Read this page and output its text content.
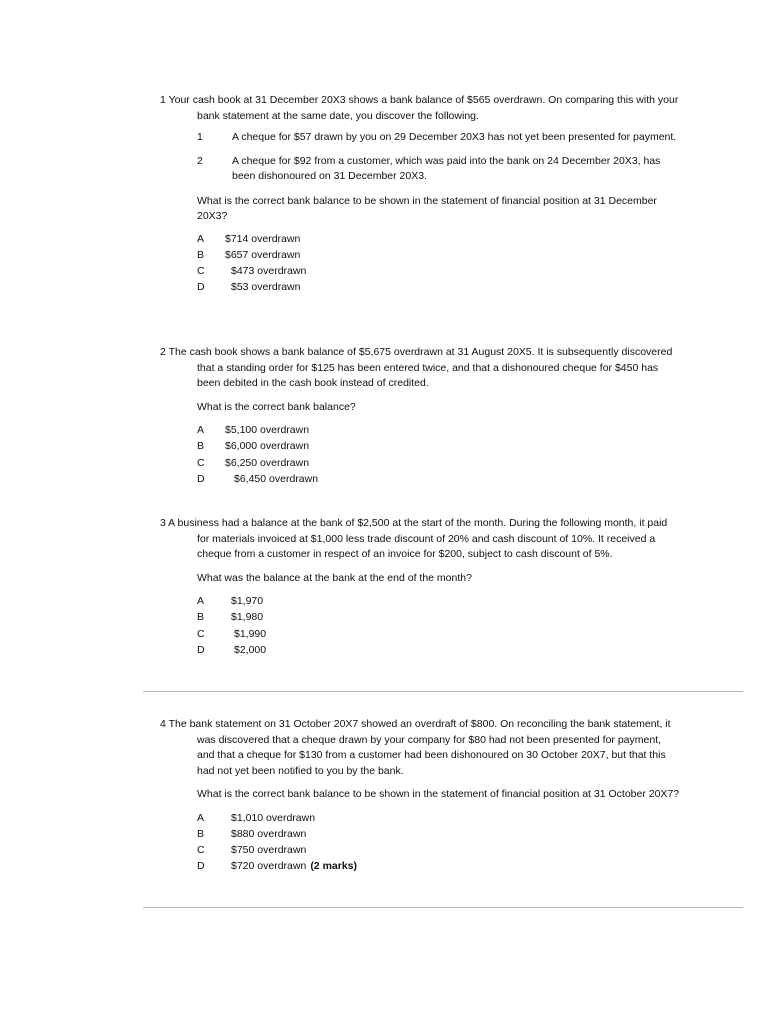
1 Your cash book at 31 December 20X3 shows a bank balance of $565 overdrawn. On comparing this with your bank statement at the same date, you discover the following.

1	A cheque for $57 drawn by you on 29 December 20X3 has not yet been presented for payment.
2	A cheque for $92 from a customer, which was paid into the bank on 24 December 20X3, has been dishonoured on 31 December 20X3.

What is the correct bank balance to be shown in the statement of financial position at 31 December 20X3?

A $714 overdrawn
B $657 overdrawn
C	$473 overdrawn
D	$53 overdrawn

2 The cash book shows a bank balance of $5,675 overdrawn at 31 August 20X5. It is subsequently discovered that a standing order for $125 has been entered twice, and that a dishonoured cheque for $450 has been debited in the cash book instead of credited.

What is the correct bank balance?

A $5,100 overdrawn
B $6,000 overdrawn
C $6,250 overdrawn
D	$6,450 overdrawn

3 A business had a balance at the bank of $2,500 at the start of the month. During the following month, it paid for materials invoiced at $1,000 less trade discount of 20% and cash discount of 10%. It received a cheque from a customer in respect of an invoice for $200, subject to cash discount of 5%.

What was the balance at the bank at the end of the month?

A	$1,970
B	$1,980
C	$1,990
D	$2,000

4 The bank statement on 31 October 20X7 showed an overdraft of $800. On reconciling the bank statement, it was discovered that a cheque drawn by your company for $80 had not been presented for payment, and that a cheque for $130 from a customer had been dishonoured on 30 October 20X7, but that this had not yet been notified to you by the bank.

What is the correct bank balance to be shown in the statement of financial position at 31 October 20X7?

A	$1,010 overdrawn
B	$880 overdrawn
C	$750 overdrawn
D	$720 overdrawn (2 marks)
